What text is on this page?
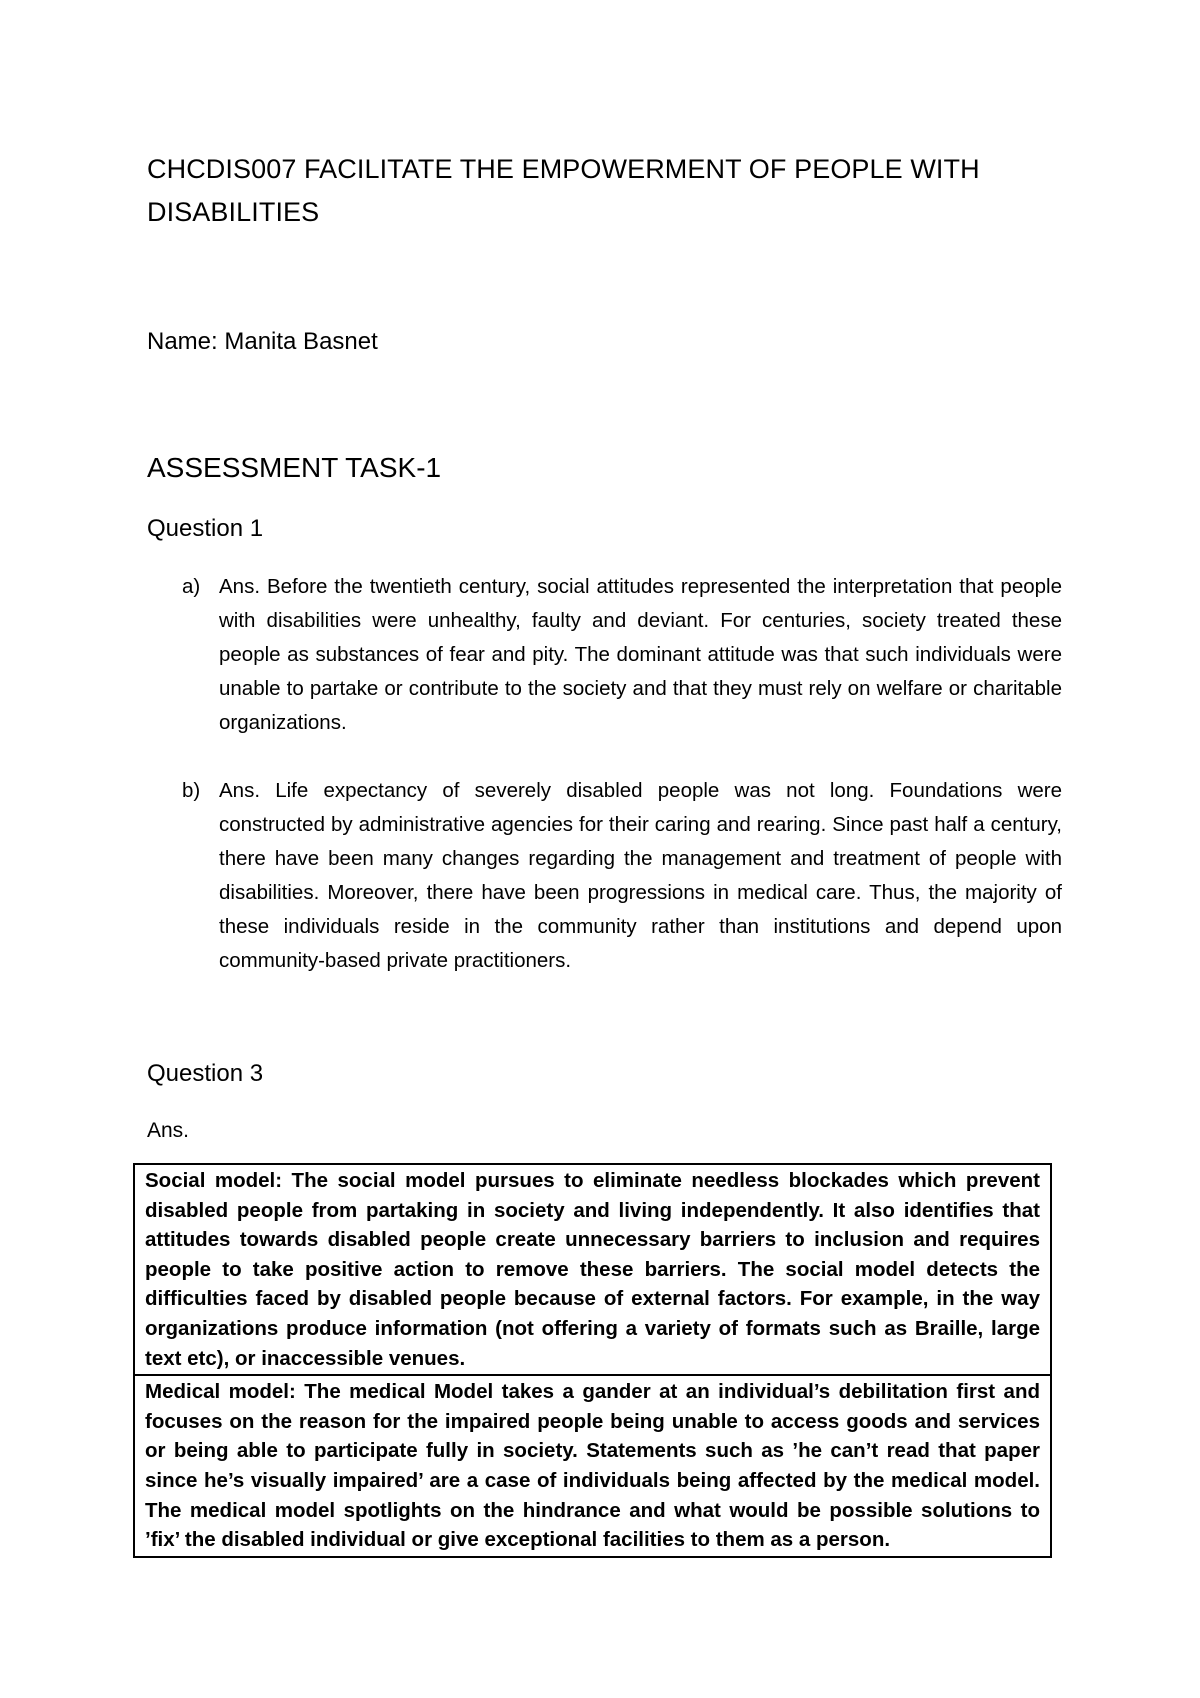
CHCDIS007 FACILITATE THE EMPOWERMENT OF PEOPLE WITH DISABILITIES

Name: Manita Basnet

ASSESSMENT TASK-1
Question 1
a) Ans. Before the twentieth century, social attitudes represented the interpretation that people with disabilities were unhealthy, faulty and deviant. For centuries, society treated these people as substances of fear and pity. The dominant attitude was that such individuals were unable to partake or contribute to the society and that they must rely on welfare or charitable organizations.
b) Ans. Life expectancy of severely disabled people was not long. Foundations were constructed by administrative agencies for their caring and rearing. Since past half a century, there have been many changes regarding the management and treatment of people with disabilities. Moreover, there have been progressions in medical care. Thus, the majority of these individuals reside in the community rather than institutions and depend upon community-based private practitioners.
Question 3

Ans.

Social model: The social model pursues to eliminate needless blockades which prevent disabled people from partaking in society and living independently. It also identifies that attitudes towards disabled people create unnecessary barriers to inclusion and requires people to take positive action to remove these barriers. The social model detects the difficulties faced by disabled people because of external factors. For example, in the way organizations produce information (not offering a variety of formats such as Braille, large text etc), or inaccessible venues.
Medical model: The medical Model takes a gander at an individual’s debilitation first and focuses on the reason for the impaired people being unable to access goods and services or being able to participate fully in society. Statements such as ’he can’t read that paper since he’s visually impaired’ are a case of individuals being affected by the medical model. The medical model spotlights on the hindrance and what would be possible solutions to ’fix’ the disabled individual or give exceptional facilities to them as a person.
